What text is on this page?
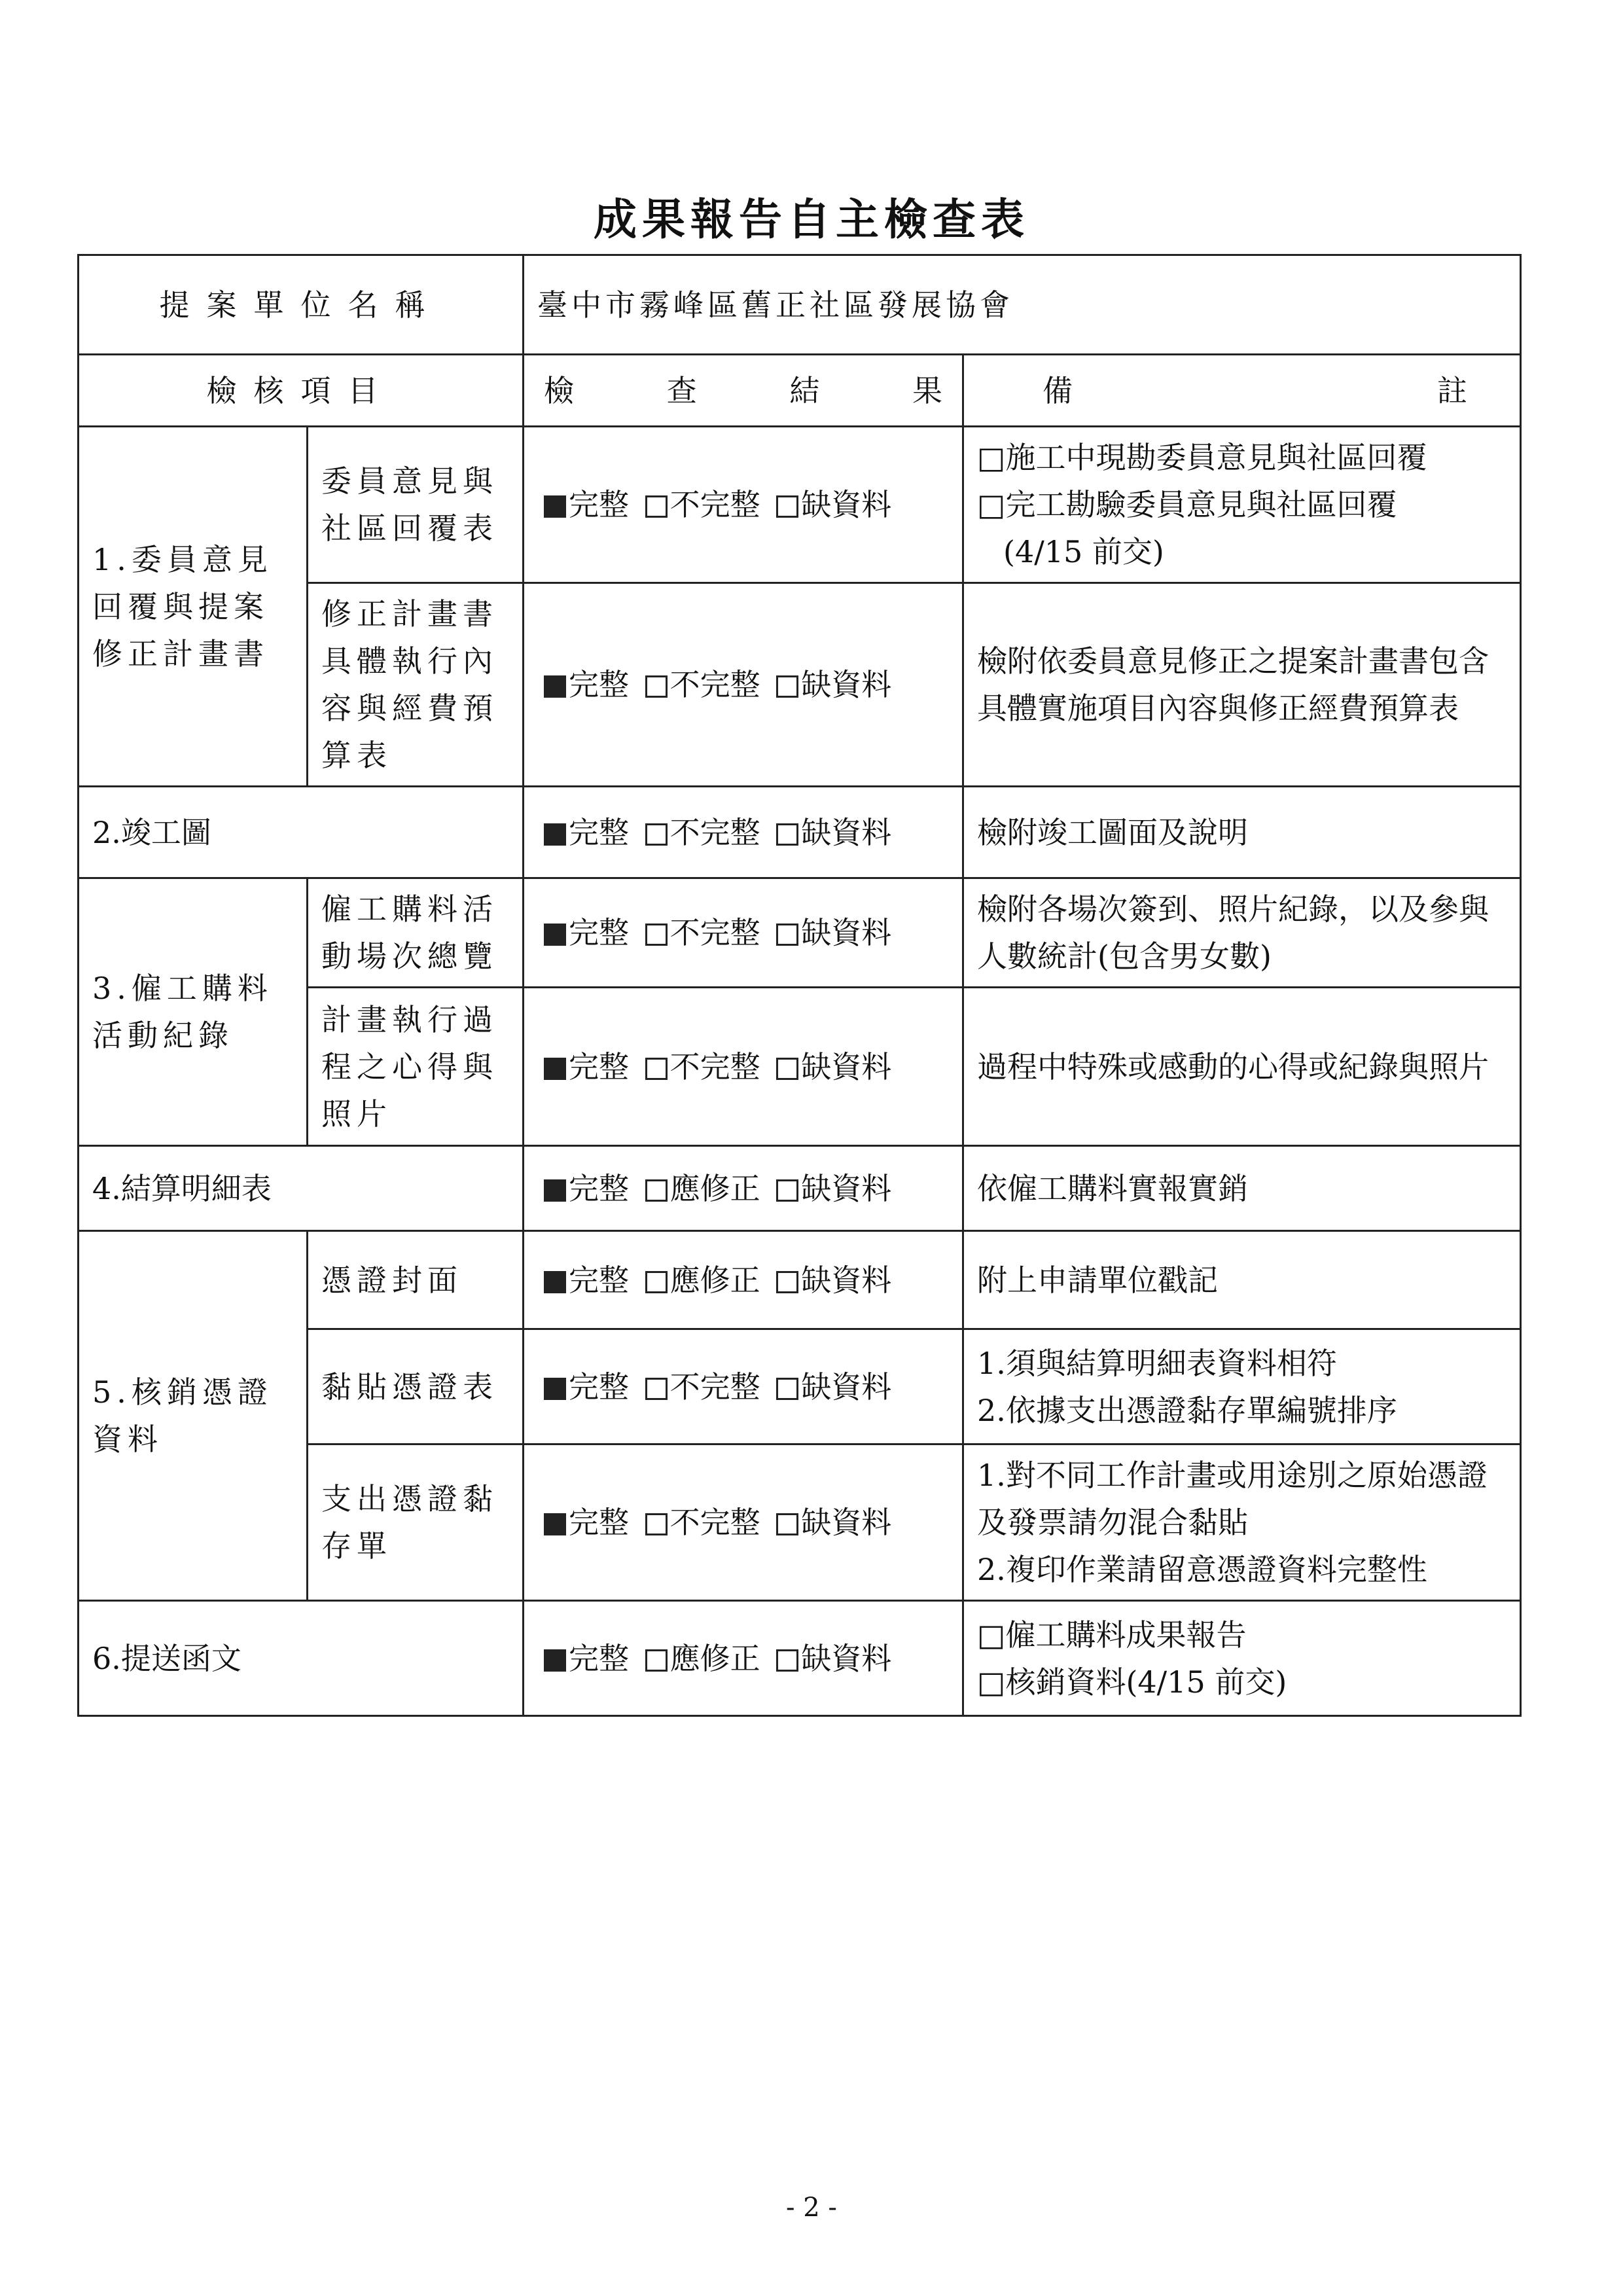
成果報告自主檢查表
提案單位名稱		臺中市霧峰區舊正社區發展協會	
檢核項目		檢 查 結 果	備 註

1.委員意見回覆與提案修正計畫書	委員意見與社區回覆表	完整 不完整 缺資料	□施工中現勘委員意見與社區回覆
□完工勘驗委員意見與社區回覆
(4/15 前交)

	修正計畫書具體執行內容與經費預算表	完整 不完整 缺資料	檢附依委員意見修正之提案計畫書包含具體實施項目內容與修正經費預算表

2.竣工圖		完整 不完整 缺資料	檢附竣工圖面及說明

3.僱工購料活動紀錄	僱工購料活動場次總覽	完整 不完整 缺資料	檢附各場次簽到、照片紀錄，以及參與人數統計(包含男女數)

	計畫執行過程之心得與照片	完整 不完整 缺資料	過程中特殊或感動的心得或紀錄與照片

4.結算明細表		完整 應修正 缺資料	依僱工購料實報實銷

5.核銷憑證資料	憑證封面	完整 應修正 缺資料	附上申請單位戳記

	黏貼憑證表	完整 不完整 缺資料	1.須與結算明細表資料相符
2.依據支出憑證黏存單編號排序

	支出憑證黏存單	完整 不完整 缺資料	1.對不同工作計畫或用途別之原始憑證及發票請勿混合黏貼
2.複印作業請留意憑證資料完整性

6.提送函文		完整 應修正 缺資料	□僱工購料成果報告
□核銷資料(4/15 前交)
- 2 -
